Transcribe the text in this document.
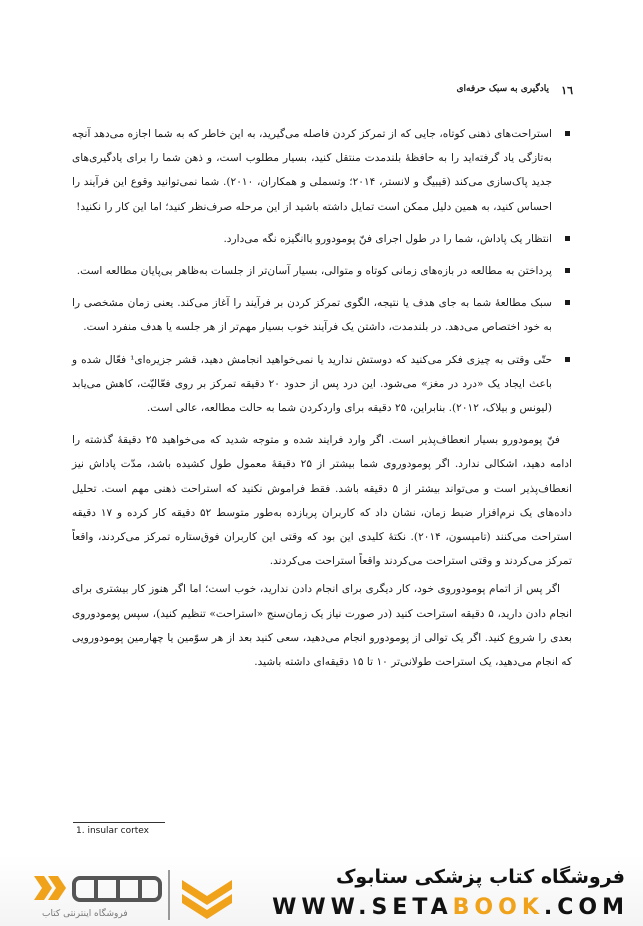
١٦
یادگیری به سبک حرفه‌ای
استراحت‌های ذهنی کوتاه، جایی که از تمرکز کردن فاصله می‌گیرید، به این خاطر که به شما اجازه می‌دهد آنچه به‌تازگی یاد گرفته‌اید را به حافظهٔ بلندمدت منتقل کنید، بسیار مطلوب است، و ذهن شما را برای یادگیری‌های جدید پاک‌سازی می‌کند (قیبیگ و لانستر، ۲۰۱۴؛ وتسملی و همکاران، ۲۰۱۰). شما نمی‌توانید وقوع این فرآیند را احساس کنید، به همین دلیل ممکن است تمایل داشته باشید از این مرحله صرف‌نظر کنید؛ اما این کار را نکنید!
انتظار یک پاداش، شما را در طول اجرای فنّ پومودورو باانگیزه نگه می‌دارد.
پرداختن به مطالعه در بازه‌های زمانی کوتاه و متوالی، بسیار آسان‌تر از جلسات به‌ظاهر بی‌پایان مطالعه است.
سبک مطالعهٔ شما به جای هدف یا نتیجه، الگوی تمرکز کردن بر فرآیند را آغاز می‌کند. یعنی زمان مشخصی را به خود اختصاص می‌دهد. در بلندمدت، داشتن یک فرآیند خوب بسیار مهم‌تر از هر جلسه یا هدف منفرد است.
حتّی وقتی به چیزی فکر می‌کنید که دوستش ندارید یا نمی‌خواهید انجامش دهید، قشر جزیره‌ای¹ فعّال شده و باعث ایجاد یک «درد در مغز» می‌شود. این درد پس از حدود ۲۰ دقیقه تمرکز بر روی فعّالیّت، کاهش می‌یابد (لیونس و بیلاک، ۲۰۱۲). بنابراین، ۲۵ دقیقه برای واردکردن شما به حالت مطالعه، عالی است.

فنّ پومودورو بسیار انعطاف‌پذیر است. اگر وارد فرایند شده و متوجه شدید که می‌خواهید ۲۵ دقیقهٔ گذشته را ادامه دهید، اشکالی ندارد. اگر پومودوروی شما بیشتر از ۲۵ دقیقهٔ معمول طول کشیده باشد، مدّت پاداش نیز انعطاف‌پذیر است و می‌تواند بیشتر از ۵ دقیقه باشد. فقط فراموش نکنید که استراحت ذهنی مهم است. تحلیل داده‌های یک نرم‌افزار ضبط زمان، نشان داد که کاربران پربازده به‌طور متوسط ۵۲ دقیقه کار کرده و ۱۷ دقیقه استراحت می‌کنند (تامپسون، ۲۰۱۴). نکتهٔ کلیدی این بود که وقتی این کاربران فوق‌ستاره تمرکز می‌کردند، واقعاً تمرکز می‌کردند و وقتی استراحت می‌کردند واقعاً استراحت می‌کردند.

اگر پس از اتمام پومودوروی خود، کار دیگری برای انجام دادن ندارید، خوب است؛ اما اگر هنوز کار بیشتری برای انجام دادن دارید، ۵ دقیقه استراحت کنید (در صورت نیاز یک زمان‌سنج «استراحت» تنظیم کنید)، سپس پومودوروی بعدی را شروع کنید. اگر یک توالی از پومودورو انجام می‌دهید، سعی کنید بعد از هر سوّمین یا چهارمین پومودورویی که انجام می‌دهید، یک استراحت طولانی‌تر ۱۰ تا ۱۵ دقیقه‌ای داشته باشید.

1. insular cortex
فروشگاه کتاب پزشکی ستابوک
WWW.SETABOOK.COM
فروشگاه اینترنتی کتاب
